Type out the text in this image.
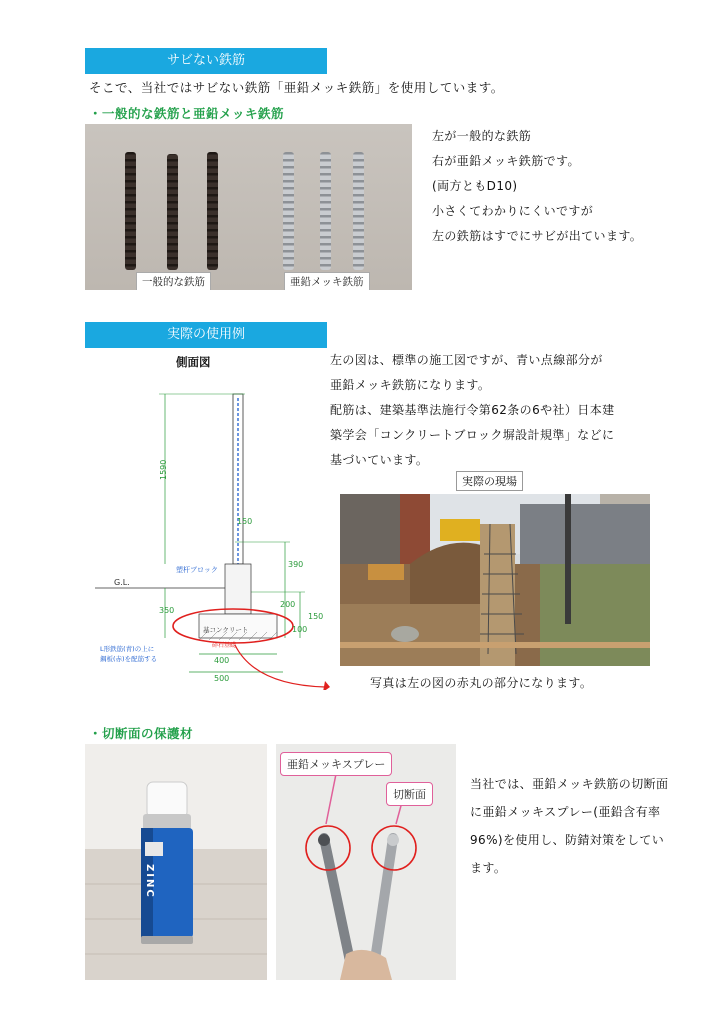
サビない鉄筋
そこで、当社ではサビない鉄筋「亜鉛メッキ鉄筋」を使用しています。
・一般的な鉄筋と亜鉛メッキ鉄筋
一般的な鉄筋	亜鉛メッキ鉄筋
左が一般的な鉄筋
右が亜鉛メッキ鉄筋です。
(両方ともD10)
小さくてわかりにくいですが
左の鉄筋はすでにサビが出ています。
実際の使用例
側面図
1590
150
390
200
350
100
150
400
500
塑杆ブロック
G.L.
基コンクリート
砕石基礎
L形鉄筋(青)の上に
鋼板(赤)を配筋する
左の図は、標準の施工図ですが、青い点線部分が
亜鉛メッキ鉄筋になります。
配筋は、建築基準法施行令第62条の6や社）日本建
築学会「コンクリートブロック塀設計規準」などに
基づいています。
実際の現場
写真は左の図の赤丸の部分になります。
・切断面の保護材
ZINC
亜鉛メッキスプレー
切断面
当社では、亜鉛メッキ鉄筋の切断面
に亜鉛メッキスプレー(亜鉛含有率
96%)を使用し、防錆対策をしてい
ます。
